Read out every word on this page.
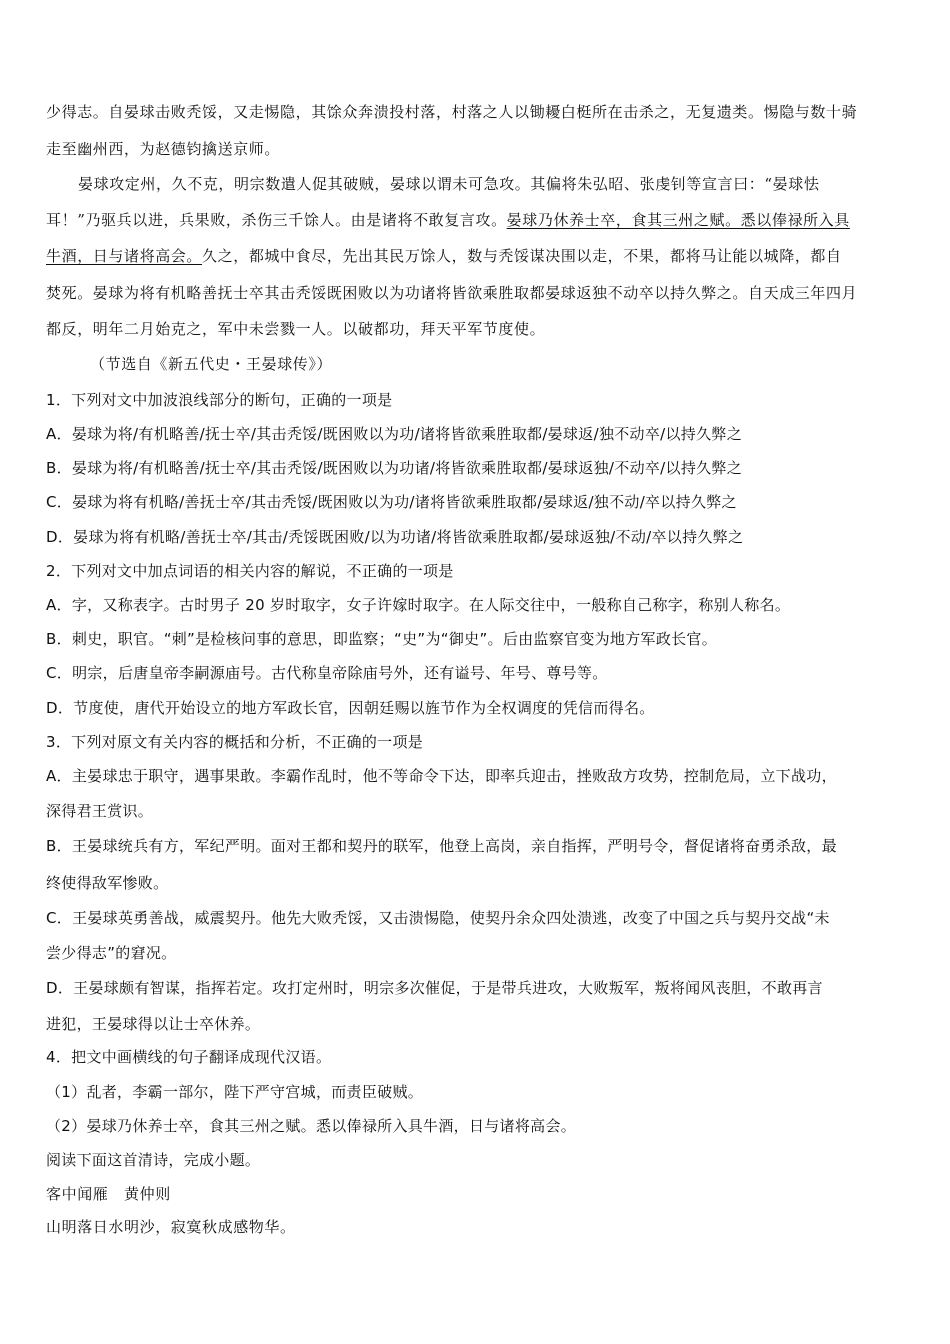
少得志。自晏球击败秃馁，又走惕隐，其馀众奔溃投村落，村落之人以锄耰白梃所在击杀之，无复遗类。惕隐与数十骑
走至幽州西，为赵德钧擒送京师。
晏球攻定州，久不克，明宗数遣人促其破贼，晏球以谓未可急攻。其偏将朱弘昭、张虔钊等宣言曰：“晏球怯
耳！”乃驱兵以进，兵果败，杀伤三千馀人。由是诸将不敢复言攻。晏球乃休养士卒，食其三州之赋。悉以俸禄所入具
牛酒，日与诸将高会。久之，都城中食尽，先出其民万馀人，数与秃馁谋决围以走，不果，都将马让能以城降，都自
焚死。晏球为将有机略善抚士卒其击秃馁既困败以为功诸将皆欲乘胜取都晏球返独不动卒以持久弊之。自天成三年四月
都反，明年二月始克之，军中未尝戮一人。以破都功，拜天平军节度使。
（节选自《新五代史・王晏球传》）
1．下列对文中加波浪线部分的断句，正确的一项是
A．晏球为将/有机略善/抚士卒/其击秃馁/既困败以为功/诸将皆欲乘胜取都/晏球返/独不动卒/以持久弊之
B．晏球为将/有机略善/抚士卒/其击秃馁/既困败以为功诸/将皆欲乘胜取都/晏球返独/不动卒/以持久弊之
C．晏球为将有机略/善抚士卒/其击秃馁/既困败以为功/诸将皆欲乘胜取都/晏球返/独不动/卒以持久弊之
D．晏球为将有机略/善抚士卒/其击/秃馁既困败/以为功诸/将皆欲乘胜取都/晏球返独/不动/卒以持久弊之
2．下列对文中加点词语的相关内容的解说，不正确的一项是
A．字，又称表字。古时男子 20 岁时取字，女子许嫁时取字。在人际交往中，一般称自己称字，称别人称名。
B．刺史，职官。“刺”是检核问事的意思，即监察；“史”为“御史”。后由监察官变为地方军政长官。
C．明宗，后唐皇帝李嗣源庙号。古代称皇帝除庙号外，还有谥号、年号、尊号等。
D．节度使，唐代开始设立的地方军政长官，因朝廷赐以旌节作为全权调度的凭信而得名。
3．下列对原文有关内容的概括和分析，不正确的一项是
A．主晏球忠于职守，遇事果敢。李霸作乱时，他不等命令下达，即率兵迎击，挫败敌方攻势，控制危局，立下战功，
深得君王赏识。
B．王晏球统兵有方，军纪严明。面对王都和契丹的联军，他登上高岗，亲自指挥，严明号令，督促诸将奋勇杀敌，最
终使得敌军惨败。
C．王晏球英勇善战，威震契丹。他先大败秃馁，又击溃惕隐，使契丹余众四处溃逃，改变了中国之兵与契丹交战“未
尝少得志”的窘况。
D．王晏球颇有智谋，指挥若定。攻打定州时，明宗多次催促，于是带兵进攻，大败叛军，叛将闻风丧胆，不敢再言
进犯，王晏球得以让士卒休养。
4．把文中画横线的句子翻译成现代汉语。
（1）乱者，李霸一部尔，陛下严守宫城，而责臣破贼。
（2）晏球乃休养士卒，食其三州之赋。悉以俸禄所入具牛酒，日与诸将高会。
阅读下面这首清诗，完成小题。
客中闻雁　黄仲则
山明落日水明沙，寂寞秋成感物华。
